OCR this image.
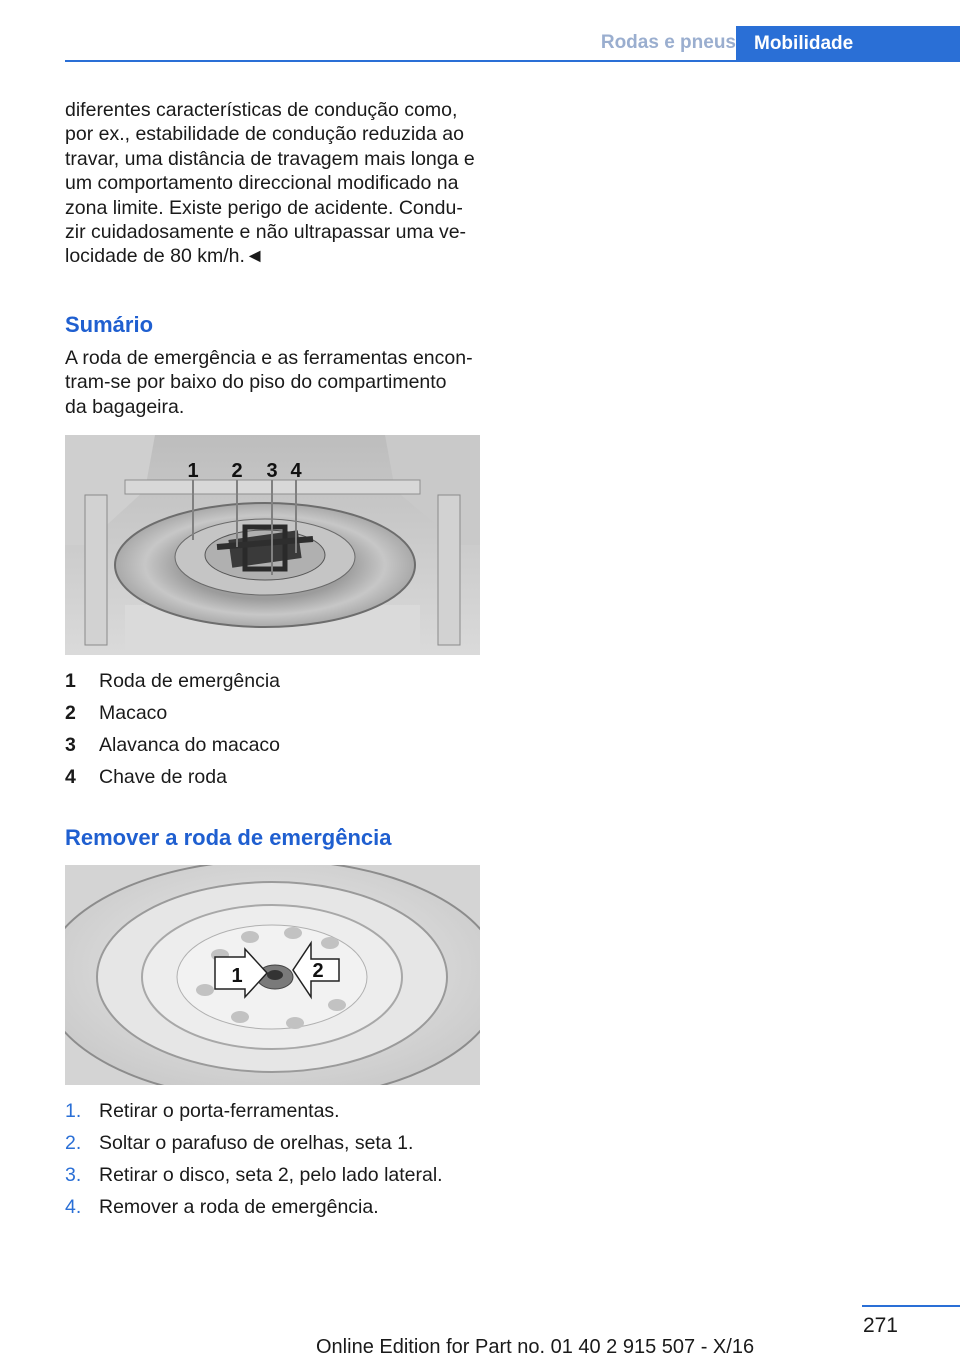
Rodas e pneus Mobilidade

diferentes características de condução como,

por ex., estabilidade de condução reduzida ao

travar, uma distância de travagem mais longa e

um comportamento direccional modificado na

zona limite. Existe perigo de acidente. Condu-

zir cuidadosamente e não ultrapassar uma ve-

locidade de 80 km/h.◄

Sumário

A roda de emergência e as ferramentas encon-

tram-se por baixo do piso do compartimento

da bagageira.

1 2 3 4
1	Roda de emergência
2	Macaco
3	Alavanca do macaco
4	Chave de roda
Remover a roda de emergência
1	2
1. Retirar o porta-ferramentas.
2. Soltar o parafuso de orelhas, seta 1.
3. Retirar o disco, seta 2, pelo lado lateral.
4. Remover a roda de emergência.
271
Online Edition for Part no. 01 40 2 915 507 - X/16
